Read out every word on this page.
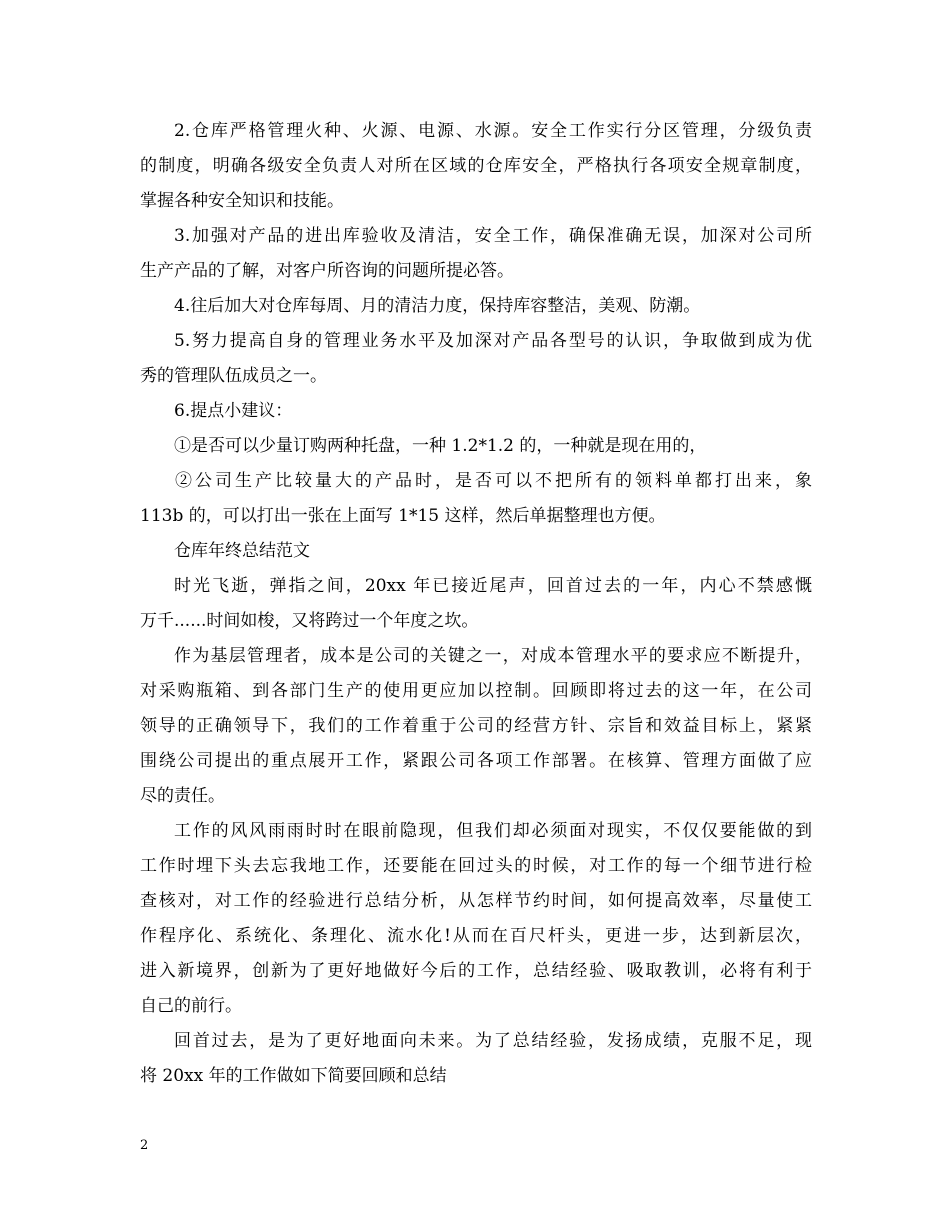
2.仓库严格管理火种、火源、电源、水源。安全工作实行分区管理，分级负责
的制度，明确各级安全负责人对所在区域的仓库安全，严格执行各项安全规章制度，
掌握各种安全知识和技能。
3.加强对产品的进出库验收及清洁，安全工作，确保准确无误，加深对公司所
生产产品的了解，对客户所咨询的问题所提必答。
4.往后加大对仓库每周、月的清洁力度，保持库容整洁，美观、防潮。
5.努力提高自身的管理业务水平及加深对产品各型号的认识，争取做到成为优
秀的管理队伍成员之一。
6.提点小建议：
①是否可以少量订购两种托盘，一种 1.2*1.2 的，一种就是现在用的，
②公司生产比较量大的产品时，是否可以不把所有的领料单都打出来，象
113b 的，可以打出一张在上面写 1*15 这样，然后单据整理也方便。
仓库年终总结范文
时光飞逝，弹指之间，20xx 年已接近尾声，回首过去的一年，内心不禁感慨
万千......时间如梭，又将跨过一个年度之坎。
作为基层管理者，成本是公司的关键之一，对成本管理水平的要求应不断提升，
对采购瓶箱、到各部门生产的使用更应加以控制。回顾即将过去的这一年，在公司
领导的正确领导下，我们的工作着重于公司的经营方针、宗旨和效益目标上，紧紧
围绕公司提出的重点展开工作，紧跟公司各项工作部署。在核算、管理方面做了应
尽的责任。
工作的风风雨雨时时在眼前隐现，但我们却必须面对现实，不仅仅要能做的到
工作时埋下头去忘我地工作，还要能在回过头的时候，对工作的每一个细节进行检
查核对，对工作的经验进行总结分析，从怎样节约时间，如何提高效率，尽量使工
作程序化、系统化、条理化、流水化!从而在百尺杆头，更进一步，达到新层次，
进入新境界，创新为了更好地做好今后的工作，总结经验、吸取教训，必将有利于
自己的前行。
回首过去，是为了更好地面向未来。为了总结经验，发扬成绩，克服不足，现
将 20xx 年的工作做如下简要回顾和总结
2
